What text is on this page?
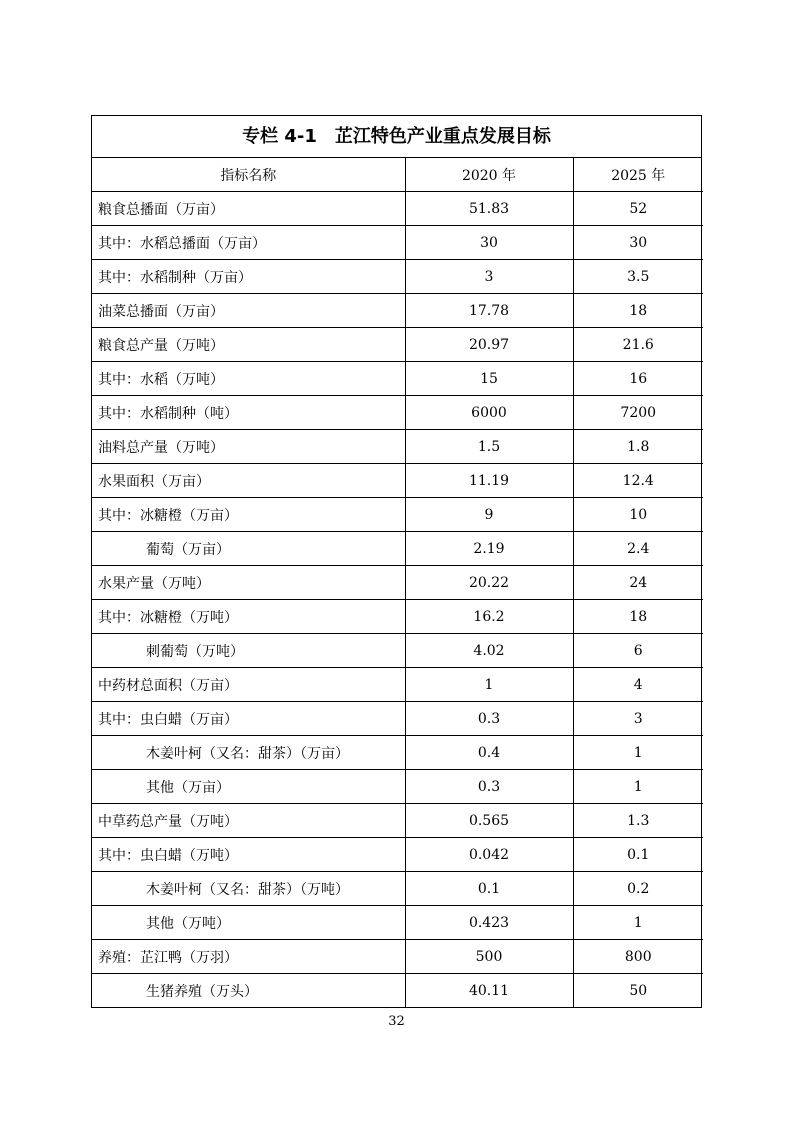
专栏 4-1　芷江特色产业重点发展目标
指标名称	2020 年	2025 年
粮食总播面（万亩）	51.83	52
其中：水稻总播面（万亩）	30	30
其中：水稻制种（万亩）	3	3.5
油菜总播面（万亩）	17.78	18
粮食总产量（万吨）	20.97	21.6
其中：水稻（万吨）	15	16
其中：水稻制种（吨）	6000	7200
油料总产量（万吨）	1.5	1.8
水果面积（万亩）	11.19	12.4
其中：冰糖橙（万亩）	9	10
葡萄（万亩）	2.19	2.4
水果产量（万吨）	20.22	24
其中：冰糖橙（万吨）	16.2	18
刺葡萄（万吨）	4.02	6
中药材总面积（万亩）	1	4
其中：虫白蜡（万亩）	0.3	3
木姜叶柯（又名：甜茶）（万亩）	0.4	1
其他（万亩）	0.3	1
中草药总产量（万吨）	0.565	1.3
其中：虫白蜡（万吨）	0.042	0.1
木姜叶柯（又名：甜茶）（万吨）	0.1	0.2
其他（万吨）	0.423	1
养殖：芷江鸭（万羽）	500	800
生猪养殖（万头）	40.11	50
32
